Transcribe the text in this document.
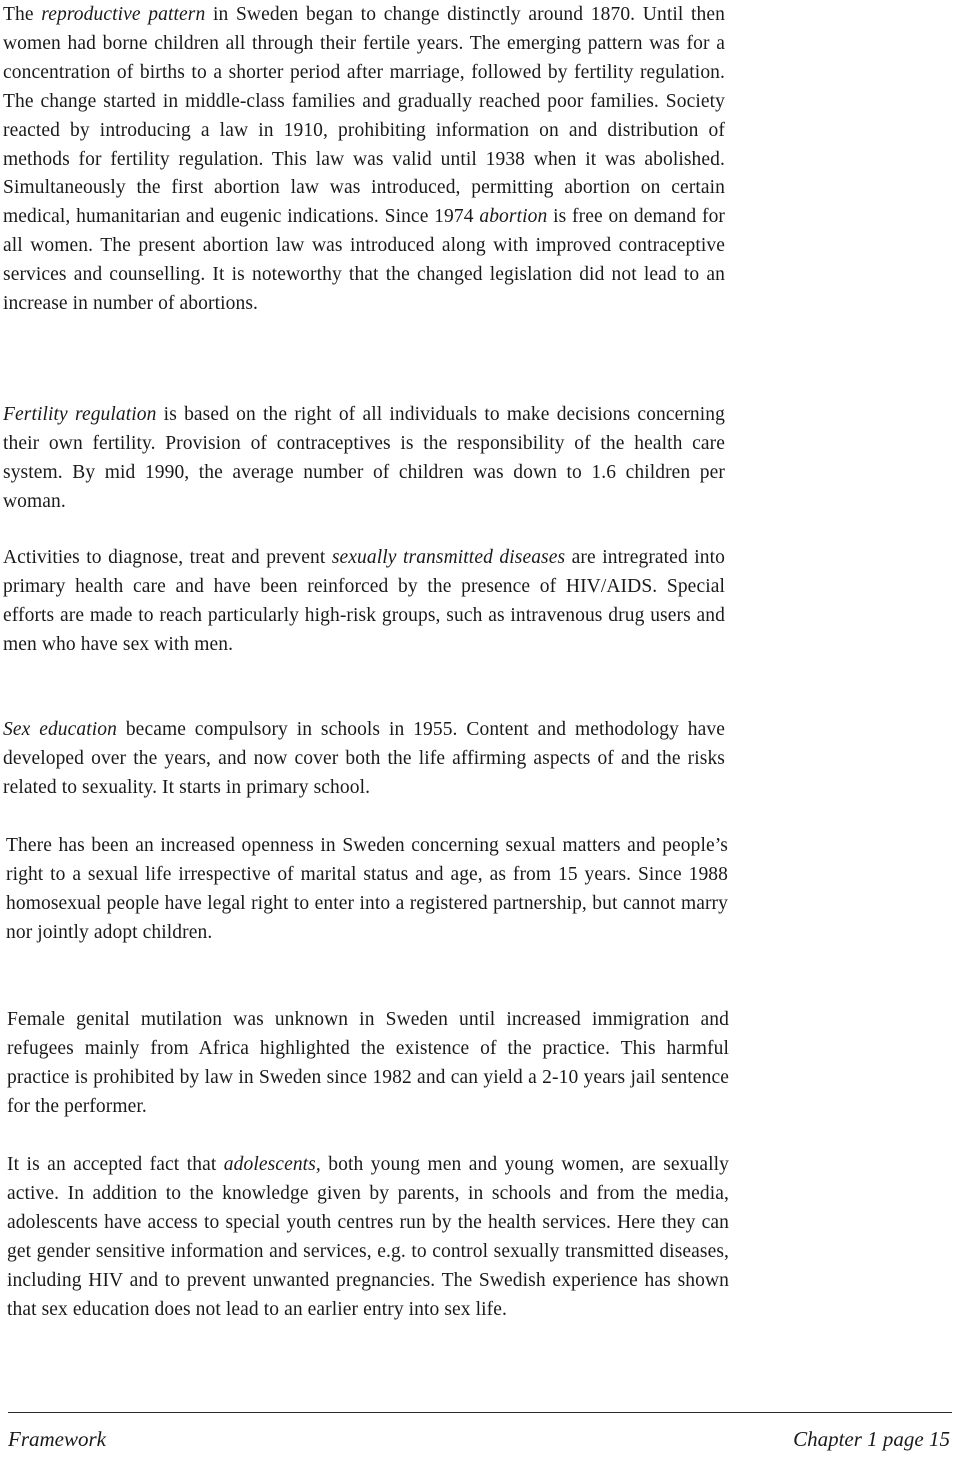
The reproductive pattern in Sweden began to change distinctly around 1870. Until then women had borne children all through their fertile years. The emerging pattern was for a concentration of births to a shorter period after marriage, followed by fertility regulation. The change started in middle-class families and gradually reached poor families. Society reacted by introducing a law in 1910, prohibiting information on and distribution of methods for fertility regulation. This law was valid until 1938 when it was abolished. Simultaneously the first abortion law was introduced, permitting abortion on certain medical, humanitarian and eugenic indications. Since 1974 abortion is free on demand for all women. The present abortion law was introduced along with improved contraceptive services and counselling. It is noteworthy that the changed legislation did not lead to an increase in number of abortions.

Fertility regulation is based on the right of all individuals to make decisions concerning their own fertility. Provision of contraceptives is the responsibility of the health care system. By mid 1990, the average number of children was down to 1.6 children per woman.

Activities to diagnose, treat and prevent sexually transmitted diseases are intregrated into primary health care and have been reinforced by the presence of HIV/AIDS. Special efforts are made to reach particularly high-risk groups, such as intravenous drug users and men who have sex with men.

Sex education became compulsory in schools in 1955. Content and methodology have developed over the years, and now cover both the life affirming aspects of and the risks related to sexuality. It starts in primary school.

There has been an increased openness in Sweden concerning sexual matters and people’s right to a sexual life irrespective of marital status and age, as from 15 years. Since 1988 homosexual people have legal right to enter into a registered partnership, but cannot marry nor jointly adopt children.

Female genital mutilation was unknown in Sweden until increased immigration and refugees mainly from Africa highlighted the existence of the practice. This harmful practice is prohibited by law in Sweden since 1982 and can yield a 2-10 years jail sentence for the performer.

It is an accepted fact that adolescents, both young men and young women, are sexually active. In addition to the knowledge given by parents, in schools and from the media, adolescents have access to special youth centres run by the health services. Here they can get gender sensitive information and services, e.g. to control sexually transmitted diseases, including HIV and to prevent unwanted pregnancies. The Swedish experience has shown that sex education does not lead to an earlier entry into sex life.

Framework	Chapter 1 page 15
